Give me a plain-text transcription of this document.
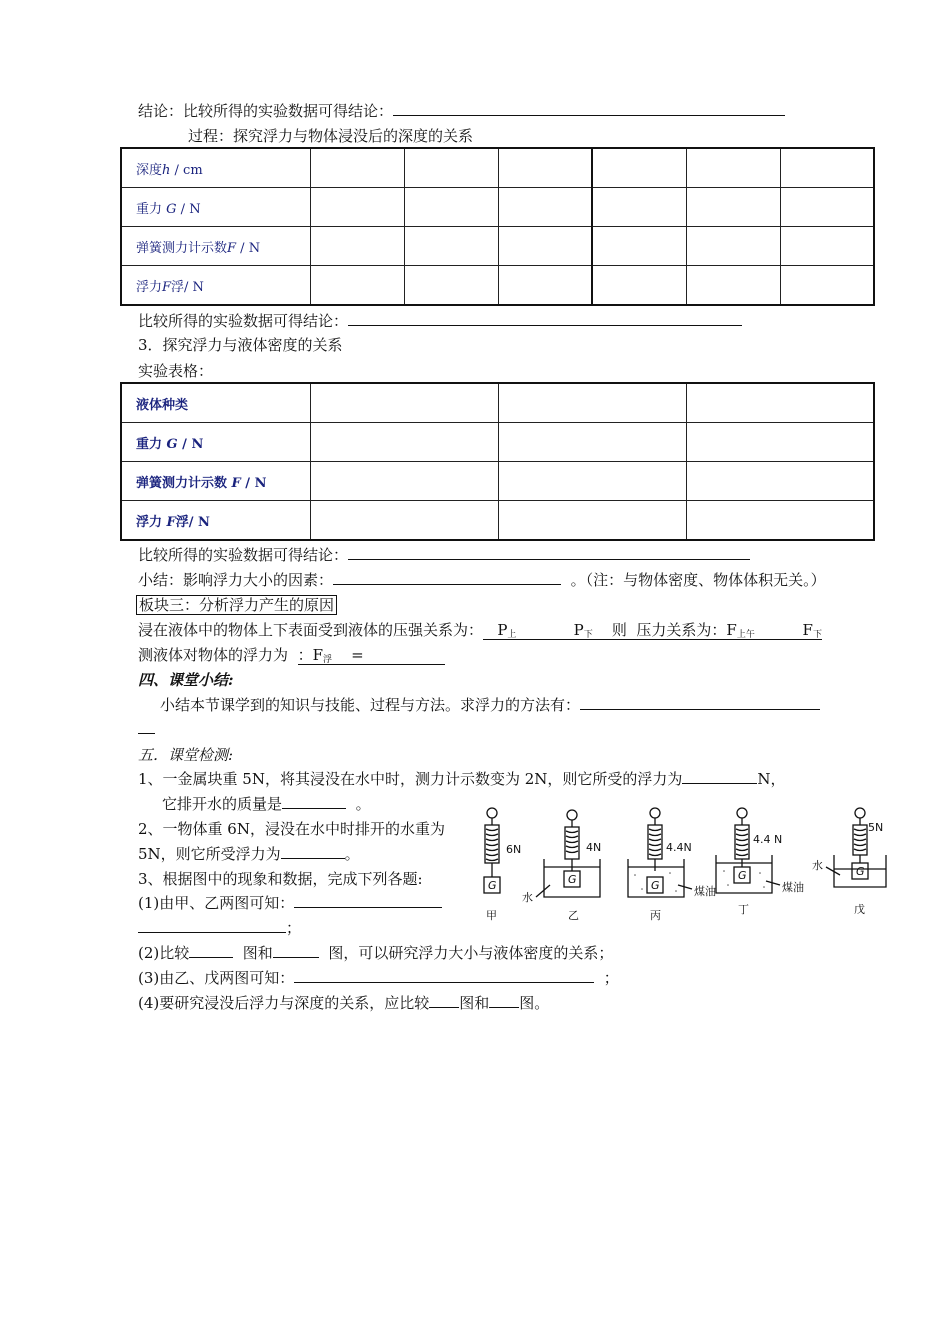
结论：比较所得的实验数据可得结论：
过程：探究浮力与物体浸没后的深度的关系
深度h / cm						
重力 G / N						
弹簧测力计示数F / N						
浮力F浮/ N						
比较所得的实验数据可得结论：
3．探究浮力与液体密度的关系
实验表格：
液体种类			
重力 G / N			
弹簧测力计示数 F / N			
浮力 F浮/ N			
比较所得的实验数据可得结论：
小结：影响浮力大小的因素：	。（注：与物体密度、物体体积无关。）
板块三：分析浮力产生的原因
浸在液体中的物体上下表面受到液体的压强关系为： $P_上$	$P_下$ 则 压力关系为：$F_{上午}$	$F_下$
测液体对物体的浮力为 ：$F_浮$ =
四、课堂小结:
小结本节课学到的知识与技能、过程与方法。求浮力的方法有：
五．课堂检测:
1、一金属块重 5N，将其浸没在水中时，测力计示数变为 2N，则它所受的浮力为	N，
它排开水的质量是	。
2、一物体重 6N，浸没在水中时排开的水重为
5N，则它所受浮力为	。
3、根据图中的现象和数据，完成下列各题:
(1)由甲、乙两图可知：
；
(2)比较	图和	图，可以研究浮力大小与液体密度的关系；
(3)由乙、戊两图可知：	；
(4)要研究浸没后浮力与深度的关系，应比较 图和 图。
6N	4N	4.4N
4.4 N
5N
G	G	G
G	G
水	煤油	煤油
水
甲	乙	丙	丁	戊
